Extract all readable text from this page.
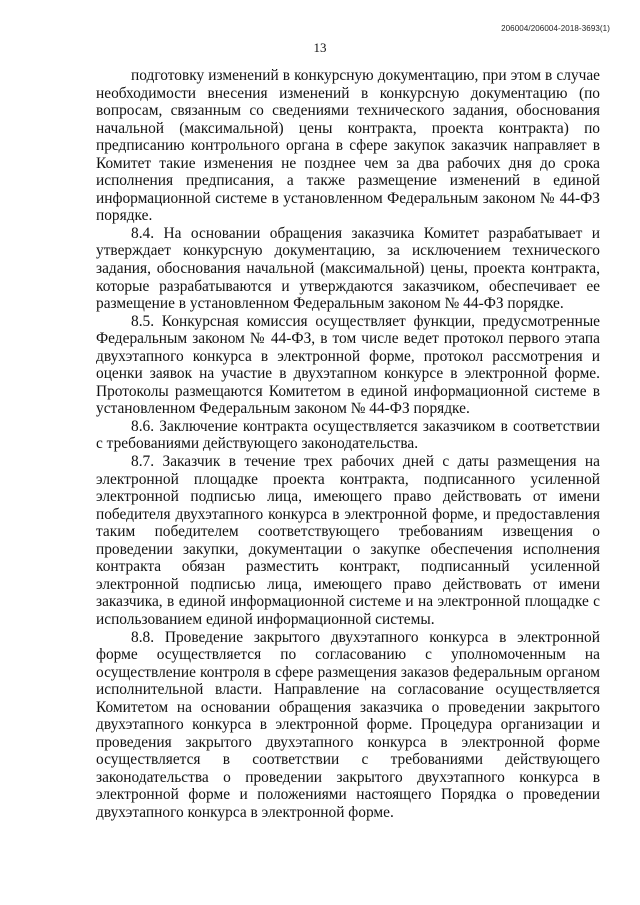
206004/206004-2018-3693(1)
13

подготовку изменений в конкурсную документацию, при этом в случае необходимости внесения изменений в конкурсную документацию (по вопросам, связанным со сведениями технического задания, обоснования начальной (максимальной) цены контракта, проекта контракта) по предписанию контрольного органа в сфере закупок заказчик направляет в Комитет такие изменения не позднее чем за два рабочих дня до срока исполнения предписания, а также размещение изменений в единой информационной системе в установленном Федеральным законом № 44-ФЗ порядке.

8.4. На основании обращения заказчика Комитет разрабатывает и утверждает конкурсную документацию, за исключением технического задания, обоснования начальной (максимальной) цены, проекта контракта, которые разрабатываются и утверждаются заказчиком, обеспечивает ее размещение в установленном Федеральным законом № 44-ФЗ порядке.

8.5. Конкурсная комиссия осуществляет функции, предусмотренные Федеральным законом № 44-ФЗ, в том числе ведет протокол первого этапа двухэтапного конкурса в электронной форме, протокол рассмотрения и оценки заявок на участие в двухэтапном конкурсе в электронной форме. Протоколы размещаются Комитетом в единой информационной системе в установленном Федеральным законом № 44-ФЗ порядке.

8.6. Заключение контракта осуществляется заказчиком в соответствии с требованиями действующего законодательства.

8.7. Заказчик в течение трех рабочих дней с даты размещения на электронной площадке проекта контракта, подписанного усиленной электронной подписью лица, имеющего право действовать от имени победителя двухэтапного конкурса в электронной форме, и предоставления таким победителем соответствующего требованиям извещения о проведении закупки, документации о закупке обеспечения исполнения контракта обязан разместить контракт, подписанный усиленной электронной подписью лица, имеющего право действовать от имени заказчика, в единой информационной системе и на электронной площадке с использованием единой информационной системы.

8.8. Проведение закрытого двухэтапного конкурса в электронной форме осуществляется по согласованию с уполномоченным на осуществление контроля в сфере размещения заказов федеральным органом исполнительной власти. Направление на согласование осуществляется Комитетом на основании обращения заказчика о проведении закрытого двухэтапного конкурса в электронной форме. Процедура организации и проведения закрытого двухэтапного конкурса в электронной форме осуществляется в соответствии с требованиями действующего законодательства о проведении закрытого двухэтапного конкурса в электронной форме и положениями настоящего Порядка о проведении двухэтапного конкурса в электронной форме.
